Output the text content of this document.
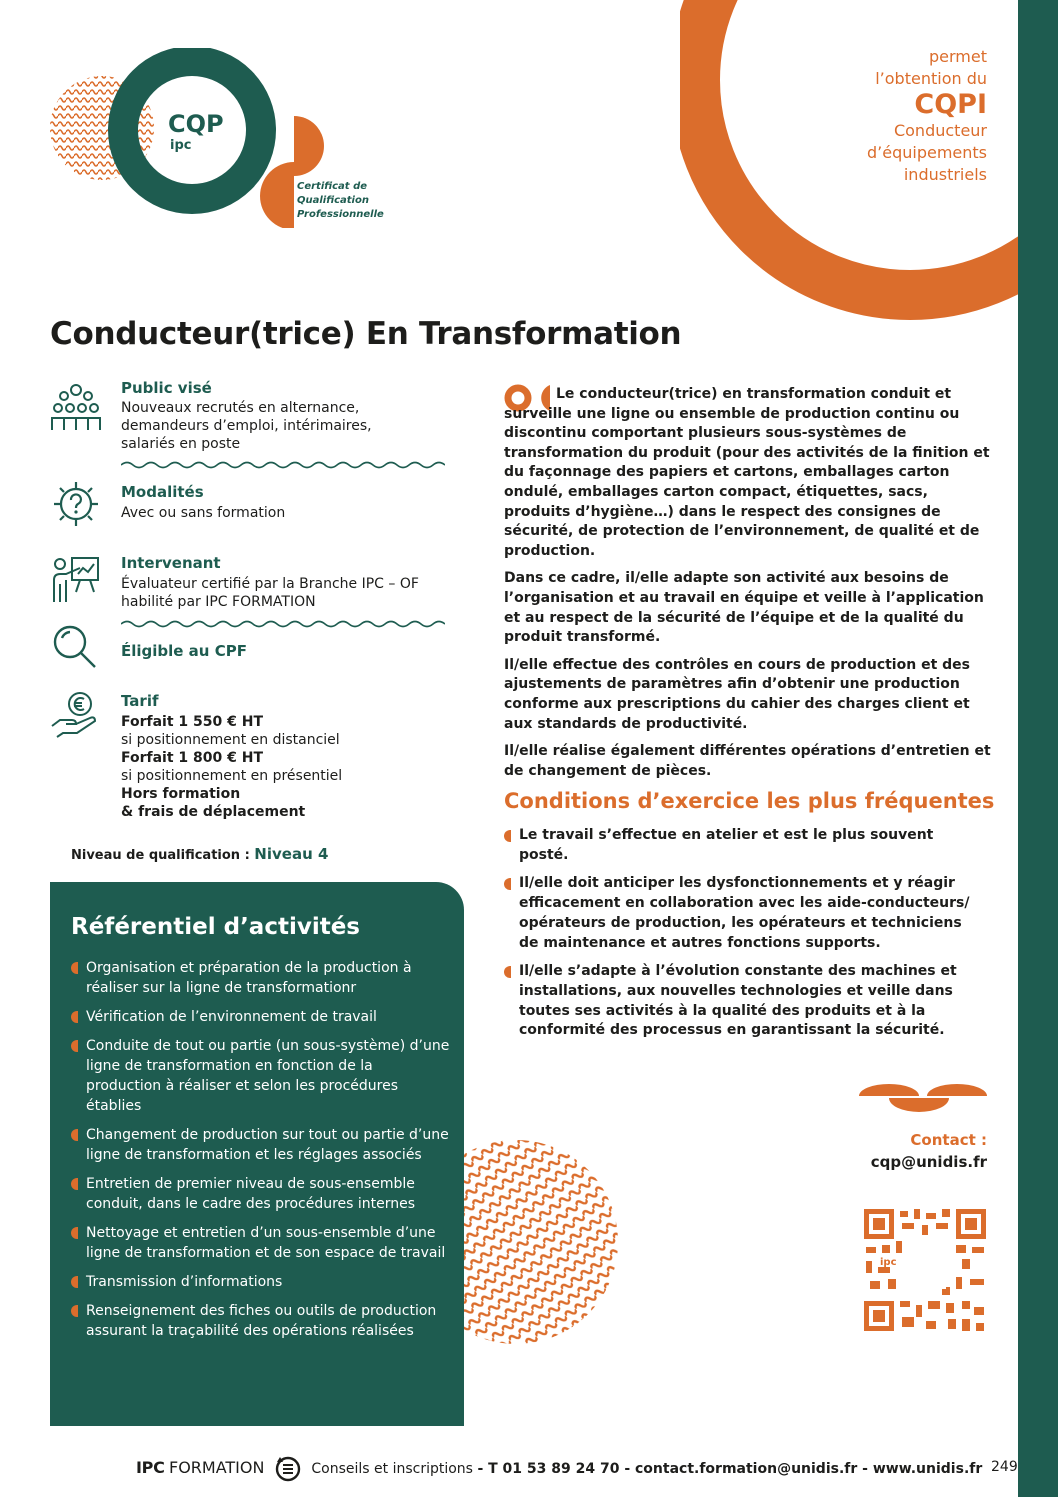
permet
l’obtention du
CQPI
Conducteur
d’équipements
industriels
CQP Certificat de Qualification Professionnelle	CQP
ipc
Certificat de
Qualification
Professionnelle
Conducteur(trice) En Transformation
Public visé
Nouveaux recrutés en alternance,
demandeurs d’emploi, intérimaires,
salariés en poste
Modalités
Avec ou sans formation
Intervenant
Évaluateur certifié par la Branche IPC – OF
habilité par IPC FORMATION
Éligible au CPF
Tarif
Forfait 1 550 € HT
si positionnement en distanciel
Forfait 1 800 € HT
si positionnement en présentiel
Hors formation
& frais de déplacement
Niveau de qualification : Niveau 4
Référentiel d’activités
Organisation et préparation de la production à réaliser sur la ligne de transformationr
Vérification de l’environnement de travail
Conduite de tout ou partie (un sous-système) d’une ligne de transformation en fonction de la production à réaliser et selon les procédures établies
Changement de production sur tout ou partie d’une ligne de transformation et les réglages associés
Entretien de premier niveau de sous-ensemble conduit, dans le cadre des procédures internes
Nettoyage et entretien d’un sous-ensemble d’une ligne de transformation et de son espace de travail
Transmission d’informations
Renseignement des fiches ou outils de production assurant la traçabilité des opérations réalisées

Le conducteur(trice) en transformation conduit et surveille une ligne ou ensemble de production continu ou discontinu comportant plusieurs sous-systèmes de transformation du produit (pour des activités de la finition et du façonnage des papiers et cartons, emballages carton ondulé, emballages carton compact, étiquettes, sacs, produits d’hygiène…) dans le respect des consignes de sécurité, de protection de l’environnement, de qualité et de production.

Dans ce cadre, il/elle adapte son activité aux besoins de l’organisation et au travail en équipe et veille à l’application et au respect de la sécurité de l’équipe et de la qualité du produit transformé.

Il/elle effectue des contrôles en cours de production et des ajustements de paramètres afin d’obtenir une production conforme aux prescriptions du cahier des charges client et aux standards de productivité.

Il/elle réalise également différentes opérations d’entretien et de changement de pièces.

Conditions d’exercice les plus fréquentes
Le travail s’effectue en atelier et est le plus souvent posté.
Il/elle doit anticiper les dysfonctionnements et y réagir efficacement en collaboration avec les aide-conducteurs/ opérateurs de production, les opérateurs et techniciens de maintenance et autres fonctions supports.
Il/elle s’adapte à l’évolution constante des machines et installations, aux nouvelles technologies et veille dans toutes ses activités à la qualité des produits et à la conformité des processus en garantissant la sécurité.
Contact :
cqp@unidis.fr
ipc
IPC FORMATION	Conseils et inscriptions - T 01 53 89 24 70 - contact.formation@unidis.fr - www.unidis.fr 249
